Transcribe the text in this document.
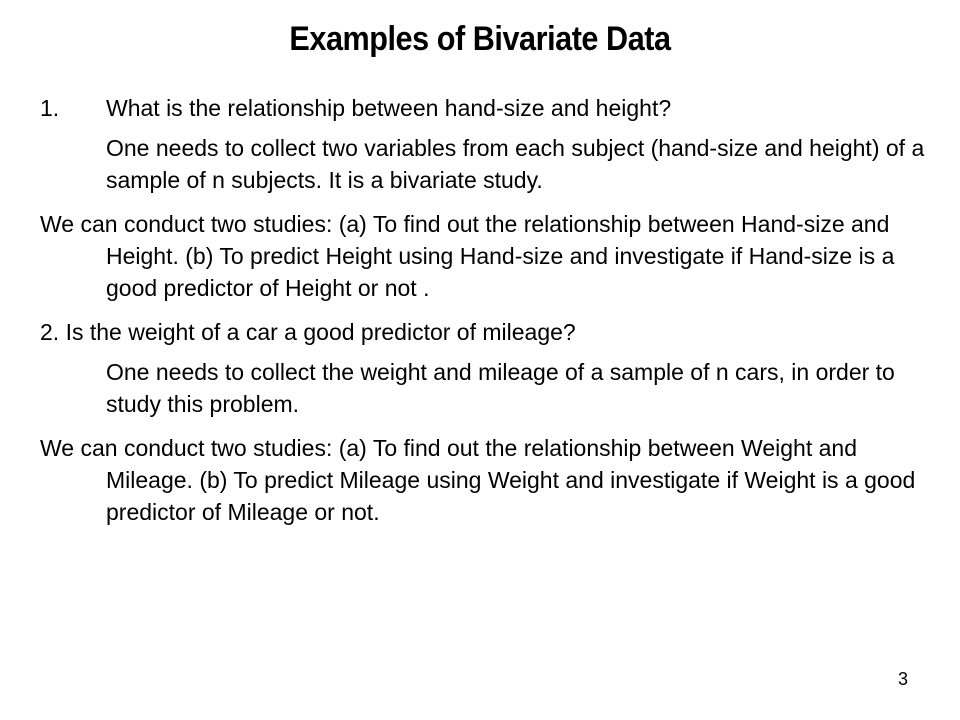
Examples of Bivariate Data

1. What is the relationship between hand-size and height?

One needs to collect two variables from each subject (hand-size and height) of a sample of n subjects. It is a bivariate study.

We can conduct two studies: (a) To find out the relationship between Hand-size and Height. (b) To predict Height using Hand-size and investigate if Hand-size is a good predictor of Height or not .

2. Is the weight of a car a good predictor of mileage?

One needs to collect the weight and mileage of a sample of n cars, in order to study this problem.

We can conduct two studies: (a) To find out the relationship between Weight and Mileage. (b) To predict Mileage using Weight and investigate if Weight is a good predictor of Mileage or not.

3
